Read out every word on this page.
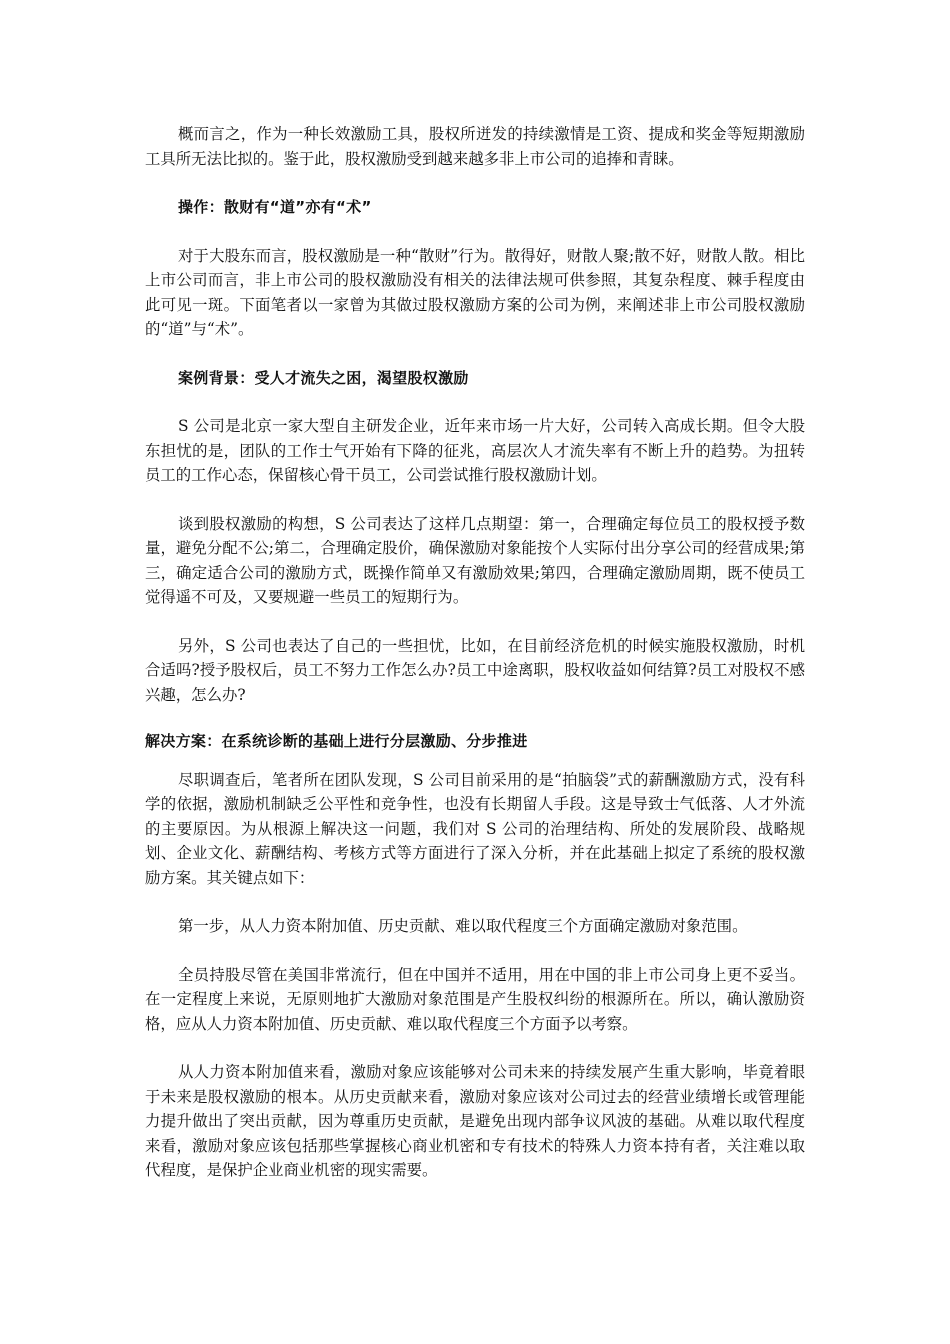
概而言之，作为一种长效激励工具，股权所迸发的持续激情是工资、提成和奖金等短期激励工具所无法比拟的。鉴于此，股权激励受到越来越多非上市公司的追捧和青睐。

操作：散财有“道”亦有“术”

对于大股东而言，股权激励是一种“散财”行为。散得好，财散人聚;散不好，财散人散。相比上市公司而言，非上市公司的股权激励没有相关的法律法规可供参照，其复杂程度、棘手程度由此可见一斑。下面笔者以一家曾为其做过股权激励方案的公司为例，来阐述非上市公司股权激励的“道”与“术”。

案例背景：受人才流失之困，渴望股权激励

S 公司是北京一家大型自主研发企业，近年来市场一片大好，公司转入高成长期。但令大股东担忧的是，团队的工作士气开始有下降的征兆，高层次人才流失率有不断上升的趋势。为扭转员工的工作心态，保留核心骨干员工，公司尝试推行股权激励计划。

谈到股权激励的构想，S 公司表达了这样几点期望：第一，合理确定每位员工的股权授予数量，避免分配不公;第二，合理确定股价，确保激励对象能按个人实际付出分享公司的经营成果;第三，确定适合公司的激励方式，既操作简单又有激励效果;第四，合理确定激励周期，既不使员工觉得遥不可及，又要规避一些员工的短期行为。

另外，S 公司也表达了自己的一些担忧，比如，在目前经济危机的时候实施股权激励，时机合适吗?授予股权后，员工不努力工作怎么办?员工中途离职，股权收益如何结算?员工对股权不感兴趣，怎么办?

解决方案：在系统诊断的基础上进行分层激励、分步推进

尽职调查后，笔者所在团队发现，S 公司目前采用的是“拍脑袋”式的薪酬激励方式，没有科学的依据，激励机制缺乏公平性和竞争性，也没有长期留人手段。这是导致士气低落、人才外流的主要原因。为从根源上解决这一问题，我们对 S 公司的治理结构、所处的发展阶段、战略规划、企业文化、薪酬结构、考核方式等方面进行了深入分析，并在此基础上拟定了系统的股权激励方案。其关键点如下：

第一步，从人力资本附加值、历史贡献、难以取代程度三个方面确定激励对象范围。

全员持股尽管在美国非常流行，但在中国并不适用，用在中国的非上市公司身上更不妥当。在一定程度上来说，无原则地扩大激励对象范围是产生股权纠纷的根源所在。所以，确认激励资格，应从人力资本附加值、历史贡献、难以取代程度三个方面予以考察。

从人力资本附加值来看，激励对象应该能够对公司未来的持续发展产生重大影响，毕竟着眼于未来是股权激励的根本。从历史贡献来看，激励对象应该对公司过去的经营业绩增长或管理能力提升做出了突出贡献，因为尊重历史贡献，是避免出现内部争议风波的基础。从难以取代程度来看，激励对象应该包括那些掌握核心商业机密和专有技术的特殊人力资本持有者，关注难以取代程度，是保护企业商业机密的现实需要。
